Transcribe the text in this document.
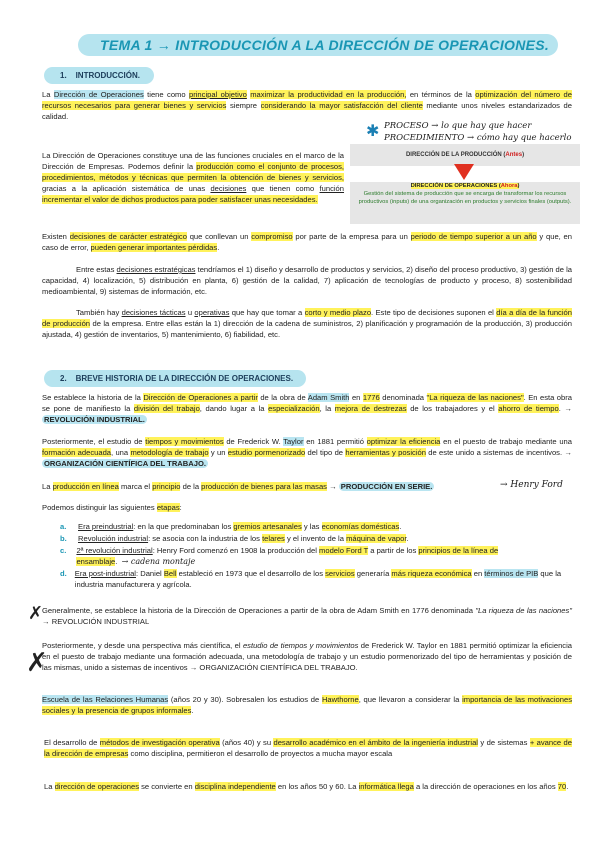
TEMA 1 → INTRODUCCIÓN A LA DIRECCIÓN DE OPERACIONES.
1. INTRODUCCIÓN.

La Dirección de Operaciones tiene como principal objetivo maximizar la productividad en la producción, en términos de la optimización del número de recursos necesarios para generar bienes y servicios siempre considerando la mayor satisfacción del cliente mediante unos niveles estandarizados de calidad.

✱ PROCESO → lo que hay que hacer
PROCEDIMIENTO → cómo hay que hacerlo
DIRECCIÓN DE LA PRODUCCIÓN (Antes)
DIRECCIÓN DE OPERACIONES (Ahora)
Gestión del sistema de producción que se encarga de transformar los recursos productivos (inputs) de una organización en productos y servicios finales (outputs).

La Dirección de Operaciones constituye una de las funciones cruciales en el marco de la Dirección de Empresas. Podemos definir la producción como el conjunto de procesos, procedimientos, métodos y técnicas que permiten la obtención de bienes y servicios, gracias a la aplicación sistemática de unas decisiones que tienen como función incrementar el valor de dichos productos para poder satisfacer unas necesidades.

Existen decisiones de carácter estratégico que conllevan un compromiso por parte de la empresa para un periodo de tiempo superior a un año y que, en caso de error, pueden generar importantes pérdidas.

Entre estas decisiones estratégicas tendríamos el 1) diseño y desarrollo de productos y servicios, 2) diseño del proceso productivo, 3) gestión de la capacidad, 4) localización, 5) distribución en planta, 6) gestión de la calidad, 7) aplicación de tecnologías de producto y proceso, 8) sostenibilidad medioambiental, 9) sistemas de información, etc.

También hay decisiones tácticas u operativas que hay que tomar a corto y medio plazo. Este tipo de decisiones suponen el día a día de la función de producción de la empresa. Entre ellas están la 1) dirección de la cadena de suministros, 2) planificación y programación de la producción, 3) producción ajustada, 4) gestión de inventarios, 5) mantenimiento, 6) fiabilidad, etc.

2. BREVE HISTORIA DE LA DIRECCIÓN DE OPERACIONES.

Se establece la historia de la Dirección de Operaciones a partir de la obra de Adam Smith en 1776 denominada "La riqueza de las naciones". En esta obra se pone de manifiesto la división del trabajo, dando lugar a la especialización, la mejora de destrezas de los trabajadores y el ahorro de tiempo. → REVOLUCIÓN INDUSTRIAL.

Posteriormente, el estudio de tiempos y movimientos de Frederick W. Taylor en 1881 permitió optimizar la eficiencia en el puesto de trabajo mediante una formación adecuada, una metodología de trabajo y un estudio pormenorizado del tipo de herramientas y posición de este unido a sistemas de incentivos. → ORGANIZACIÓN CIENTÍFICA DEL TRABAJO.

La producción en línea marca el principio de la producción de bienes para las masas → PRODUCCIÓN EN SERIE.	→ Henry Ford

Podemos distinguir las siguientes etapas:

a.	Era preindustrial: en la que predominaban los gremios artesanales y las economías domésticas.
b.	Revolución industrial: se asocia con la industria de los telares y el invento de la máquina de vapor.
c.	2ª revolución industrial: Henry Ford comenzó en 1908 la producción del modelo Ford T a partir de los principios de la línea de ensamblaje. → cadena montaje
d.	Era post-industrial: Daniel Bell estableció en 1973 que el desarrollo de los servicios generaría más riqueza económica en términos de PIB que la industria manufacturera y agrícola.
✗

Generalmente, se establece la historia de la Dirección de Operaciones a partir de la obra de Adam Smith en 1776 denominada "La riqueza de las naciones" → REVOLUCIÓN INDUSTRIAL

✗

Posteriormente, y desde una perspectiva más científica, el estudio de tiempos y movimientos de Frederick W. Taylor en 1881 permitió optimizar la eficiencia en el puesto de trabajo mediante una formación adecuada, una metodología de trabajo y un estudio pormenorizado del tipo de herramientas y posición de las mismas, unido a sistemas de incentivos → ORGANIZACIÓN CIENTÍFICA DEL TRABAJO.

Escuela de las Relaciones Humanas (años 20 y 30). Sobresalen los estudios de Hawthorne, que llevaron a considerar la importancia de las motivaciones sociales y la presencia de grupos informales.

El desarrollo de métodos de investigación operativa (años 40) y su desarrollo académico en el ámbito de la ingeniería industrial y de sistemas + avance de la dirección de empresas como disciplina, permitieron el desarrollo de proyectos a mucha mayor escala

La dirección de operaciones se convierte en disciplina independiente en los años 50 y 60. La informática llega a la dirección de operaciones en los años 70.
